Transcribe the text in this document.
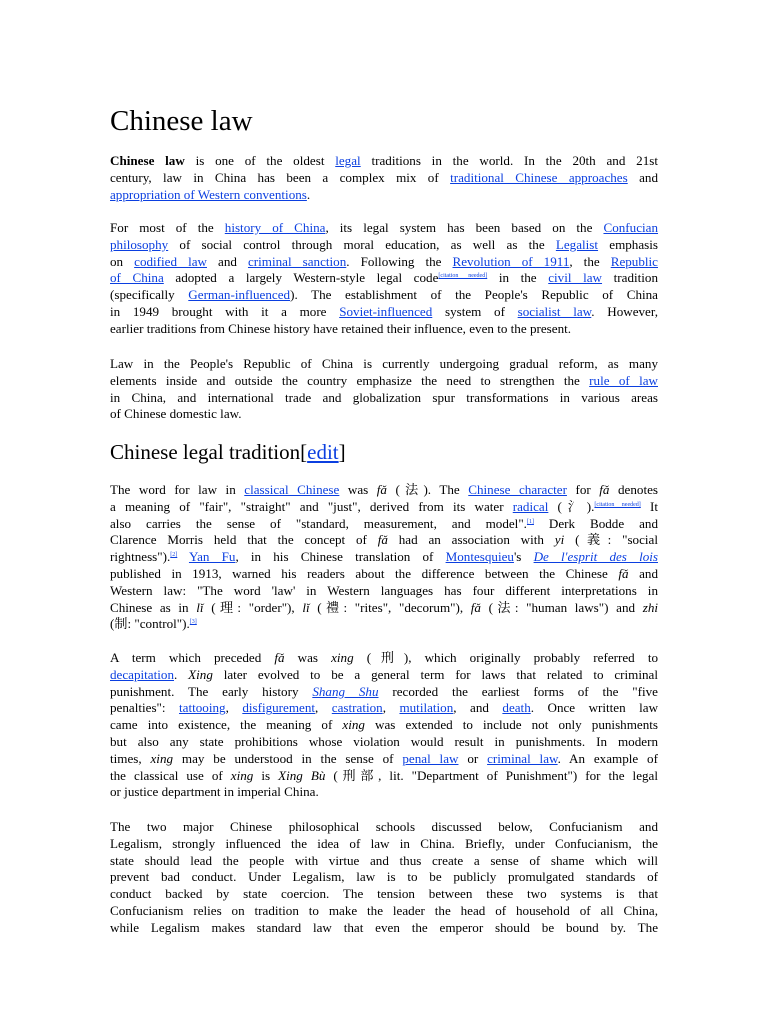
Chinese law
Chinese law is one of the oldest legal traditions in the world. In the 20th and 21st
century, law in China has been a complex mix of traditional Chinese approaches and
appropriation of Western conventions.
For most of the history of China, its legal system has been based on the Confucian
philosophy of social control through moral education, as well as the Legalist emphasis
on codified law and criminal sanction. Following the Revolution of 1911, the Republic
of China adopted a largely Western-style legal code[citation needed] in the civil law tradition
(specifically German-influenced). The establishment of the People's Republic of China
in 1949 brought with it a more Soviet-influenced system of socialist law. However,
earlier traditions from Chinese history have retained their influence, even to the present.
Law in the People's Republic of China is currently undergoing gradual reform, as many
elements inside and outside the country emphasize the need to strengthen the rule of law
in China, and international trade and globalization spur transformations in various areas
of Chinese domestic law.
Chinese legal tradition[edit]
The word for law in classical Chinese was fǎ (法). The Chinese character for fǎ denotes
a meaning of "fair", "straight" and "just", derived from its water radical (氵).[citation needed] It
also carries the sense of "standard, measurement, and model".[1] Derk Bodde and
Clarence Morris held that the concept of fǎ had an association with yi (義: "social
rightness").[2] Yan Fu, in his Chinese translation of Montesquieu's De l'esprit des lois
published in 1913, warned his readers about the difference between the Chinese fǎ and
Western law: "The word 'law' in Western languages has four different interpretations in
Chinese as in lǐ (理: "order"), lǐ (禮: "rites", "decorum"), fǎ (法: "human laws") and zhi
(制: "control").[3]
A term which preceded fǎ was xing (刑), which originally probably referred to
decapitation. Xing later evolved to be a general term for laws that related to criminal
punishment. The early history Shang Shu recorded the earliest forms of the "five
penalties": tattooing, disfigurement, castration, mutilation, and death. Once written law
came into existence, the meaning of xing was extended to include not only punishments
but also any state prohibitions whose violation would result in punishments. In modern
times, xing may be understood in the sense of penal law or criminal law. An example of
the classical use of xing is Xing Bù (刑部, lit. "Department of Punishment") for the legal
or justice department in imperial China.
The two major Chinese philosophical schools discussed below, Confucianism and
Legalism, strongly influenced the idea of law in China. Briefly, under Confucianism, the
state should lead the people with virtue and thus create a sense of shame which will
prevent bad conduct. Under Legalism, law is to be publicly promulgated standards of
conduct backed by state coercion. The tension between these two systems is that
Confucianism relies on tradition to make the leader the head of household of all China,
while Legalism makes standard law that even the emperor should be bound by. The
